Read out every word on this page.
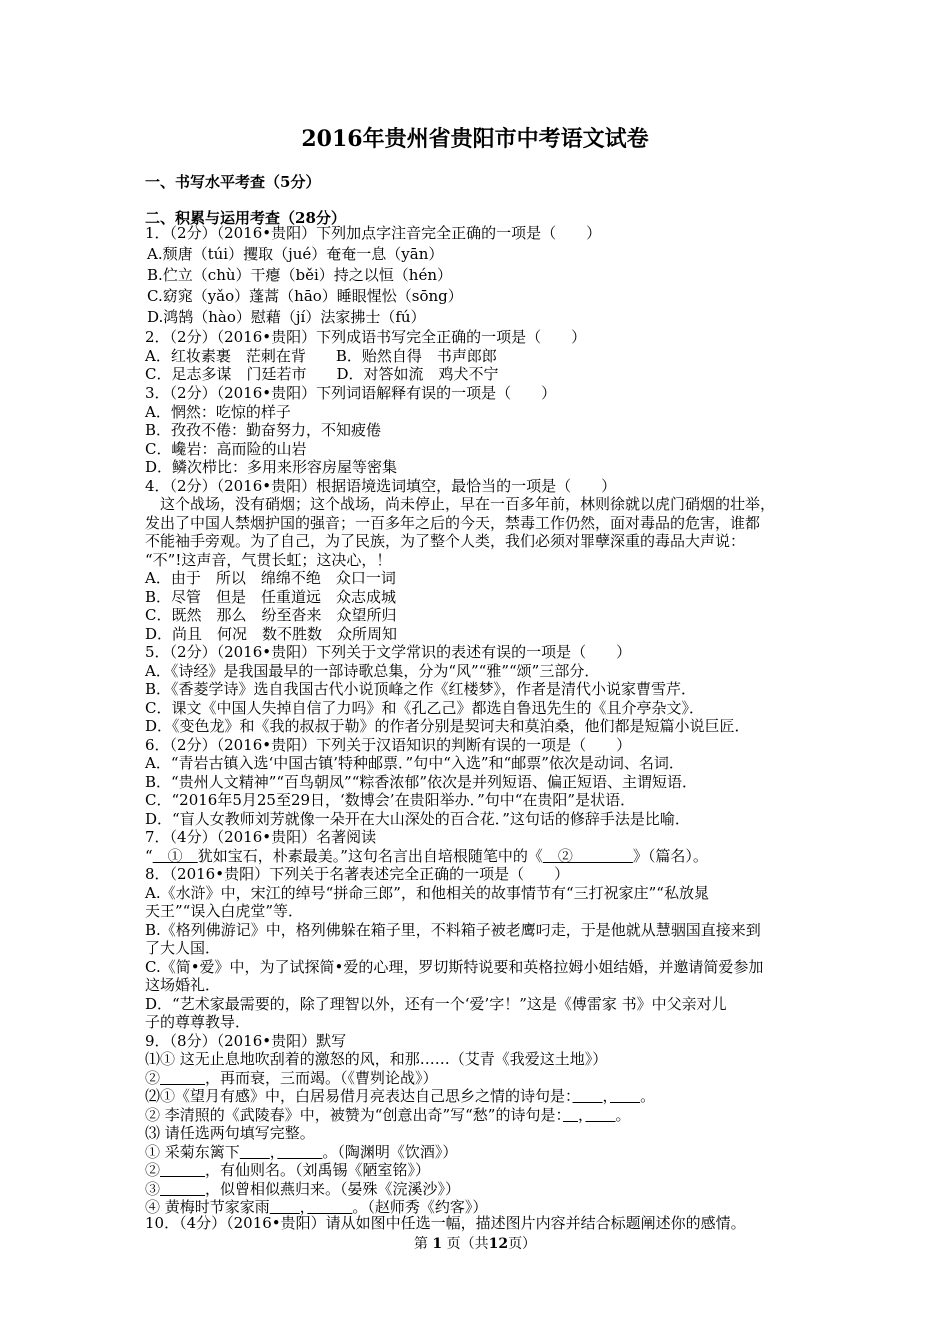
2016年贵州省贵阳市中考语文试卷
一、书写水平考查（5分）
二、积累与运用考查（28分）
1．（2分）（2016•贵阳）下列加点字注音完全正确的一项是（　　）
A.颓唐（túi）攫取（jué）奄奄一息（yān）
B.伫立（chù）干瘪（běi）持之以恒（hén）
C.窈窕（yǎo）蓬蒿（hāo）睡眼惺忪（sōng）
D.鸿鹄（hào）慰藉（jí）法家拂士（fú）
2．（2分）（2016•贵阳）下列成语书写完全正确的一项是（　　）
A．红妆素裹　茫刺在背　　B．贻然自得　书声郎郎
C．足志多谋　门廷若市　　D．对答如流　鸡犬不宁
3．（2分）（2016•贵阳）下列词语解释有误的一项是（　　）
A．惘然：吃惊的样子
B．孜孜不倦：勤奋努力，不知疲倦
C．巉岩：高而险的山岩
D．鳞次栉比：多用来形容房屋等密集
4．（2分）（2016•贵阳）根据语境选词填空，最恰当的一项是（　　）
这个战场，没有硝烟；这个战场，尚未停止，早在一百多年前，林则徐就以虎门硝烟的壮举，
发出了中国人禁烟护国的强音；一百多年之后的今天，禁毒工作仍然，面对毒品的危害，谁都
不能袖手旁观。为了自己，为了民族，为了整个人类，我们必须对罪孽深重的毒品大声说：
“不”!这声音，气贯长虹；这决心，！
A．由于　所以　绵绵不绝　众口一词
B．尽管　但是　任重道远　众志成城
C．既然　那么　纷至沓来　众望所归
D．尚且　何况　数不胜数　众所周知
5．（2分）（2016•贵阳）下列关于文学常识的表述有误的一项是（　　）
A．《诗经》是我国最早的一部诗歌总集，分为“风”“雅”“颂”三部分．
B．《香菱学诗》选自我国古代小说顶峰之作《红楼梦》，作者是清代小说家曹雪芹．
C．课文《中国人失掉自信了力吗》和《孔乙己》都选自鲁迅先生的《且介亭杂文》．
D．《变色龙》和《我的叔叔于勒》的作者分别是契诃夫和莫泊桑，他们都是短篇小说巨匠．
6．（2分）（2016•贵阳）下列关于汉语知识的判断有误的一项是（　　）
A．“青岩古镇入选‘中国古镇’特种邮票．”句中“入选”和“邮票”依次是动词、名词．
B．“贵州人文精神”“百鸟朝凤”“粽香浓郁”依次是并列短语、偏正短语、主谓短语．
C．“2016年5月25至29日，‘数博会’在贵阳举办．”句中“在贵阳”是状语．
D．“盲人女教师刘芳就像一朵开在大山深处的百合花．”这句话的修辞手法是比喻．
7．（4分）（2016•贵阳）名著阅读
“　①　犹如宝石，朴素最美。”这句名言出自培根随笔中的《　②　　　　》（篇名）。
8．（2016•贵阳）下列关于名著表述完全正确的一项是（　　）
A.《水浒》中，宋江的绰号“拼命三郎”，和他相关的故事情节有“三打祝家庄”“私放晁
天王”“误入白虎堂”等．
B.《格列佛游记》中，格列佛躲在箱子里，不料箱子被老鹰叼走，于是他就从慧骃国直接来到
了大人国．
C.《简•爱》中，为了试探简•爱的心理，罗切斯特说要和英格拉姆小姐结婚，并邀请简爱参加
这场婚礼．
D．“艺术家最需要的，除了理智以外，还有一个‘爱’字！”这是《傅雷家 书》中父亲对儿
子的尊尊教导．
9．（8分）（2016•贵阳）默写
⑴① 这无止息地吹刮着的激怒的风，和那……（艾青《我爱这土地》）
②　　　	，再而衰，三而竭。（《曹刿论战》）
⑵①《望月有感》中，白居易借月亮表达自己思乡之情的诗句是：　　 ，　　 。
② 李清照的《武陵春》中，被赞为“创意出奇”写“愁”的诗句是：　 ，　　 。
⑶ 请任选两句填写完整。
① 采菊东篱下　　 ，　　　	。（陶渊明《饮酒》）
②　　　	，有仙则名。（刘禹锡《陋室铭》）
③　　　	，似曾相似燕归来。（晏殊《浣溪沙》）
④ 黄梅时节家家雨　　 ，　　　	。（赵师秀《约客》）
10．（4分）（2016•贵阳）请从如图中任选一幅，描述图片内容并结合标题阐述你的感情。
第 1 页（共12页）
